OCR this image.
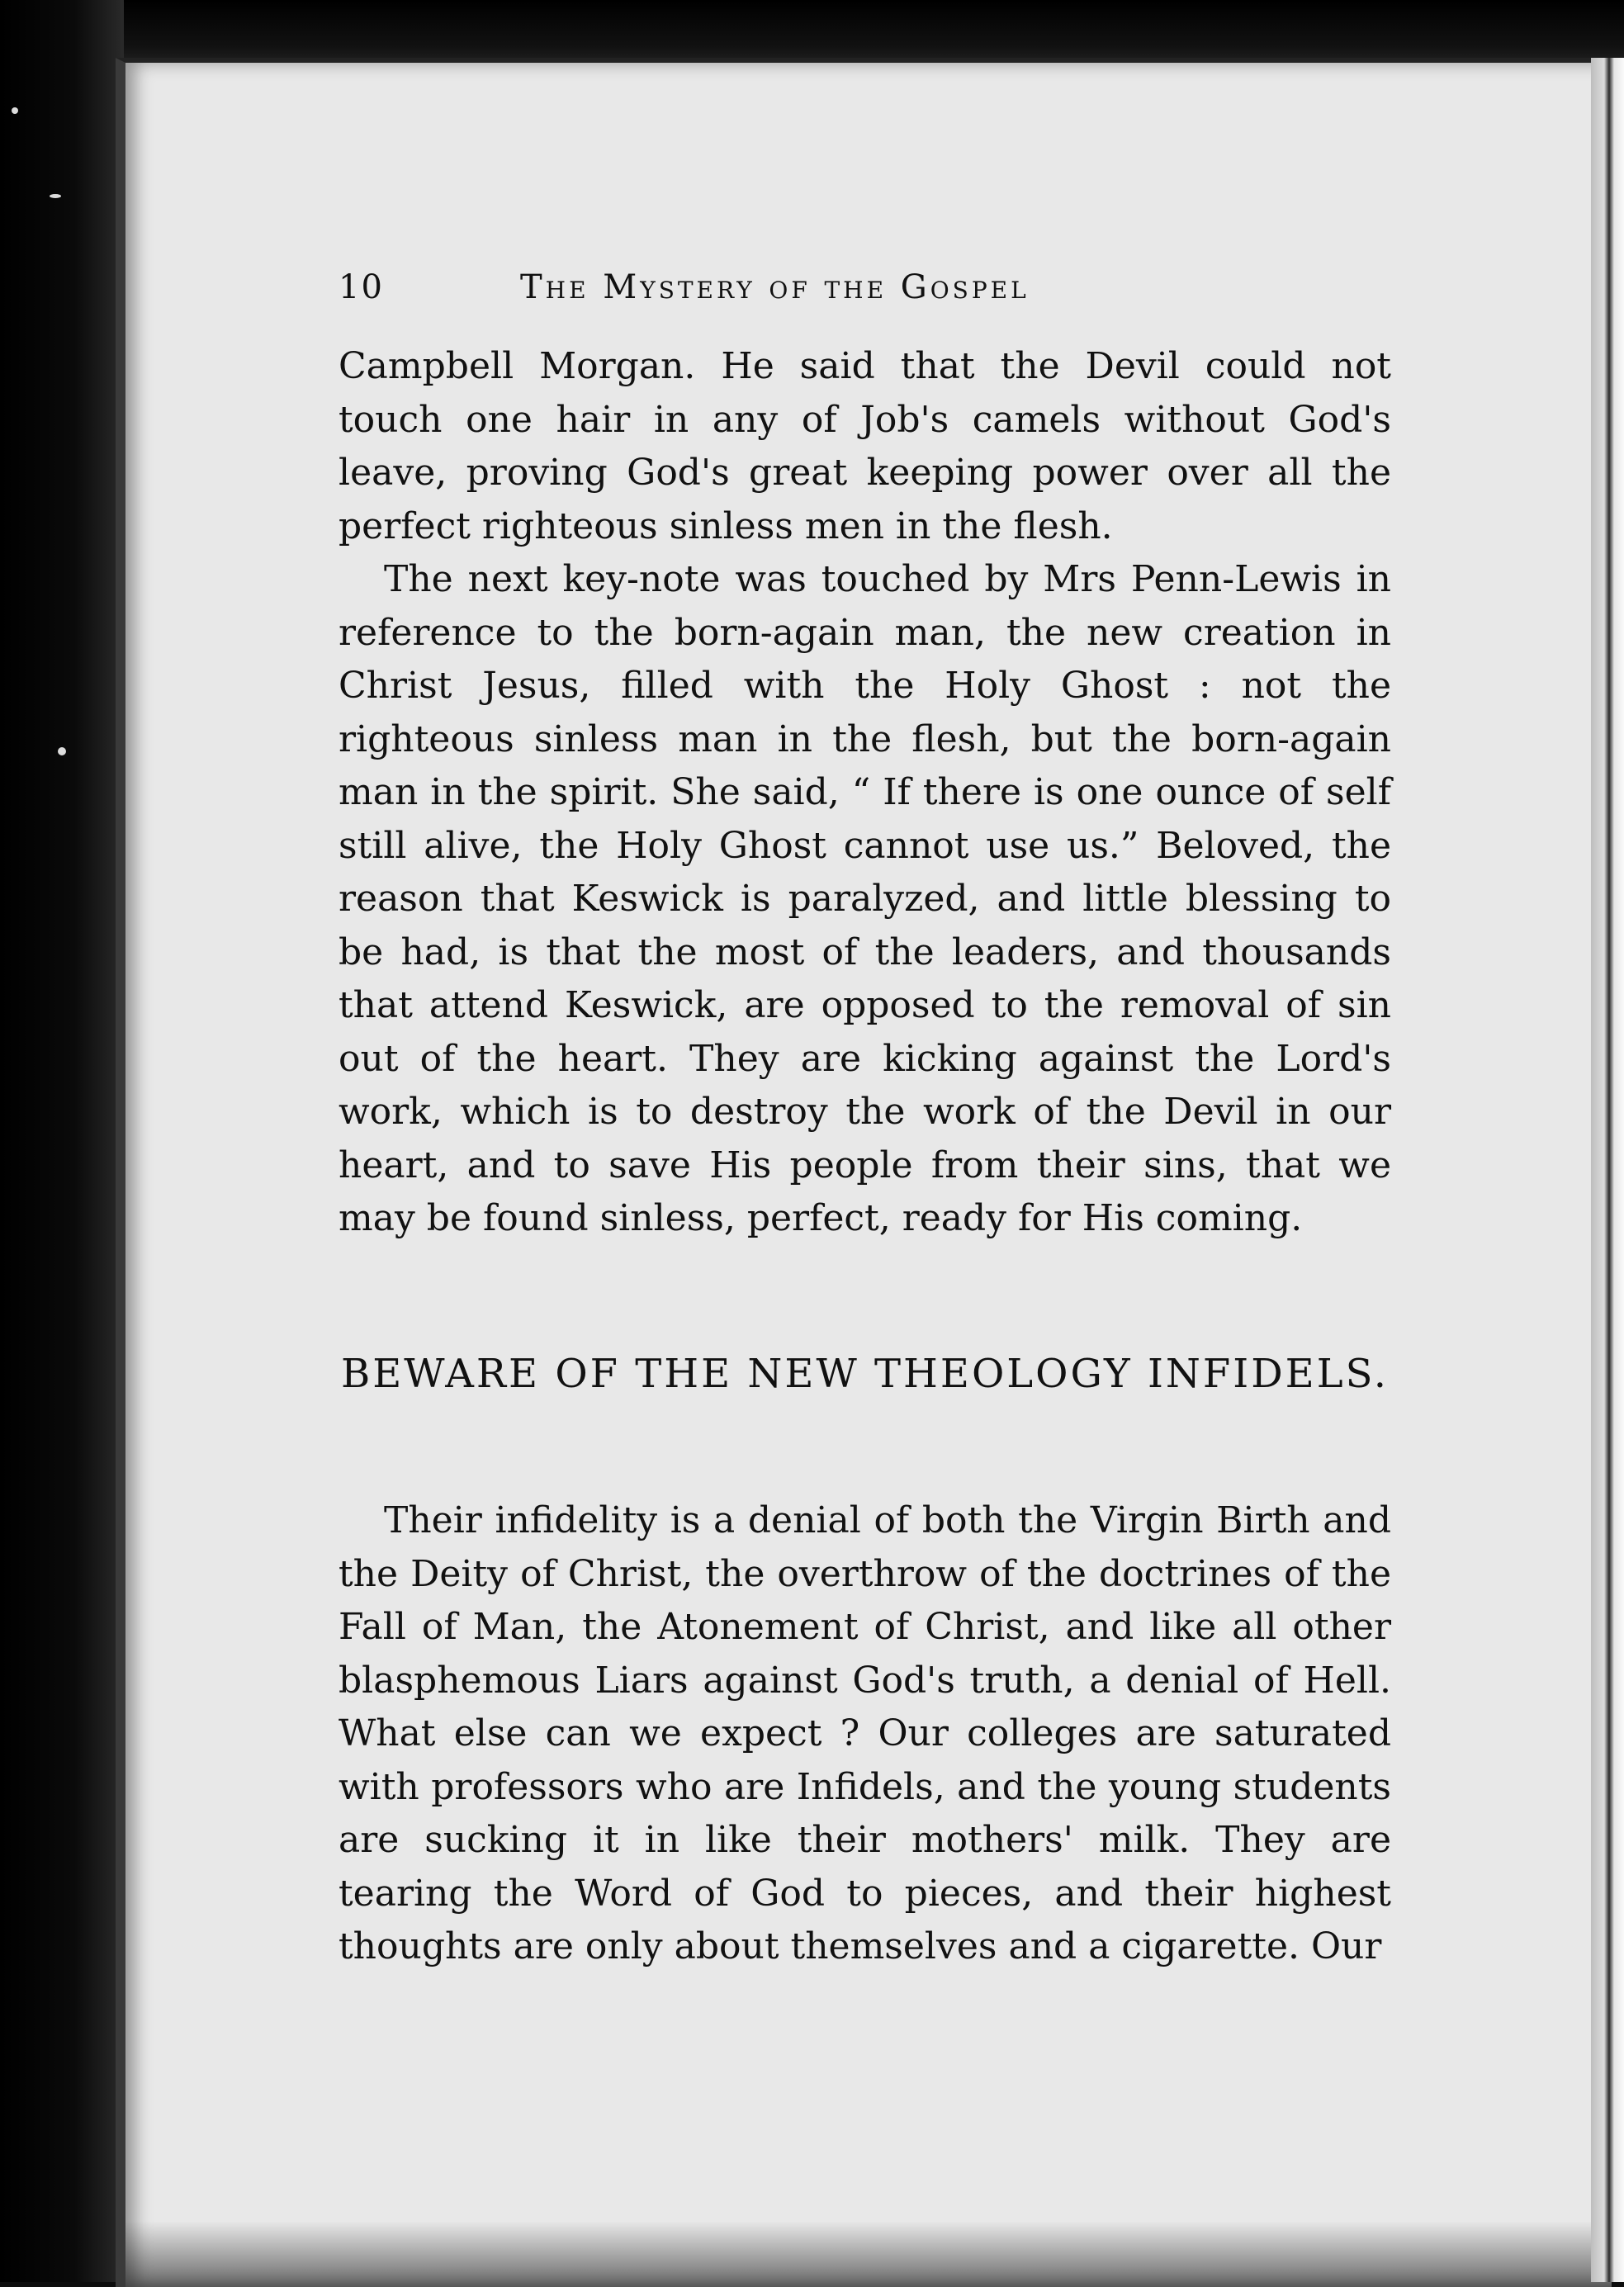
10	The Mystery of the Gospel

Campbell Morgan. He said that the Devil could not touch one hair in any of Job's camels without God's leave, proving God's great keeping power over all the perfect righteous sinless men in the flesh.

The next key-note was touched by Mrs Penn-Lewis in reference to the born-again man, the new creation in Christ Jesus, filled with the Holy Ghost : not the righteous sinless man in the flesh, but the born-again man in the spirit. She said, “ If there is one ounce of self still alive, the Holy Ghost cannot use us.” Beloved, the reason that Keswick is paralyzed, and little blessing to be had, is that the most of the leaders, and thousands that attend Keswick, are opposed to the removal of sin out of the heart. They are kicking against the Lord's work, which is to destroy the work of the Devil in our heart, and to save His people from their sins, that we may be found sinless, perfect, ready for His coming.

BEWARE OF THE NEW THEOLOGY INFIDELS.

Their infidelity is a denial of both the Virgin Birth and the Deity of Christ, the overthrow of the doctrines of the Fall of Man, the Atonement of Christ, and like all other blasphemous Liars against God's truth, a denial of Hell. What else can we expect ? Our colleges are saturated with professors who are Infidels, and the young students are sucking it in like their mothers' milk. They are tearing the Word of God to pieces, and their highest thoughts are only about themselves and a cigarette. Our
